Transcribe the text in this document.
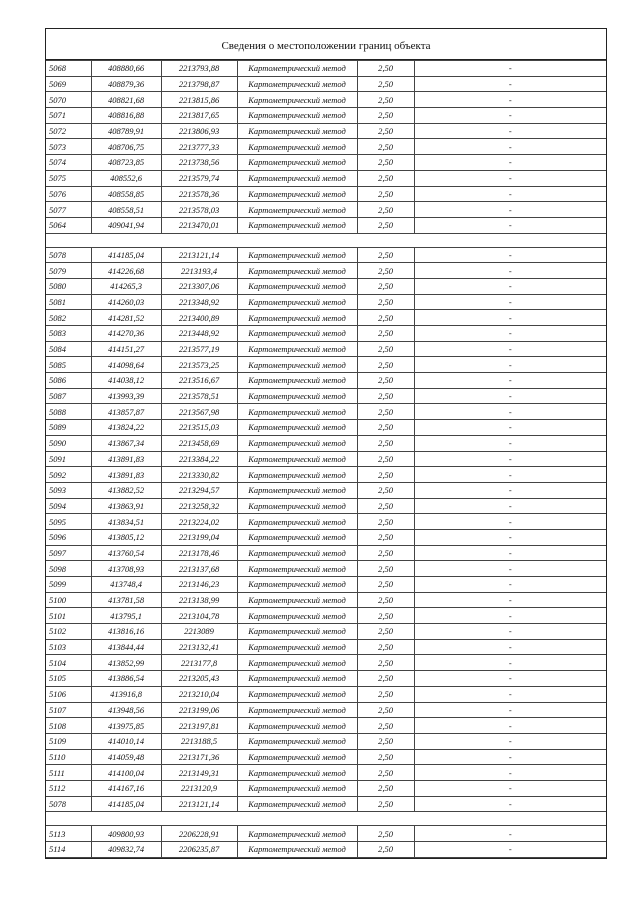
Сведения о местоположении границ объекта
5068	408880,66	2213793,88	Картометрический метод	2,50	-
5069	408879,36	2213798,87	Картометрический метод	2,50	-
5070	408821,68	2213815,86	Картометрический метод	2,50	-
5071	408816,88	2213817,65	Картометрический метод	2,50	-
5072	408789,91	2213806,93	Картометрический метод	2,50	-
5073	408706,75	2213777,33	Картометрический метод	2,50	-
5074	408723,85	2213738,56	Картометрический метод	2,50	-
5075	408552,6	2213579,74	Картометрический метод	2,50	-
5076	408558,85	2213578,36	Картометрический метод	2,50	-
5077	408558,51	2213578,03	Картометрический метод	2,50	-
5064	409041,94	2213470,01	Картометрический метод	2,50	-

5078	414185,04	2213121,14	Картометрический метод	2,50	-
5079	414226,68	2213193,4	Картометрический метод	2,50	-
5080	414265,3	2213307,06	Картометрический метод	2,50	-
5081	414260,03	2213348,92	Картометрический метод	2,50	-
5082	414281,52	2213400,89	Картометрический метод	2,50	-
5083	414270,36	2213448,92	Картометрический метод	2,50	-
5084	414151,27	2213577,19	Картометрический метод	2,50	-
5085	414098,64	2213573,25	Картометрический метод	2,50	-
5086	414038,12	2213516,67	Картометрический метод	2,50	-
5087	413993,39	2213578,51	Картометрический метод	2,50	-
5088	413857,87	2213567,98	Картометрический метод	2,50	-
5089	413824,22	2213515,03	Картометрический метод	2,50	-
5090	413867,34	2213458,69	Картометрический метод	2,50	-
5091	413891,83	2213384,22	Картометрический метод	2,50	-
5092	413891,83	2213330,82	Картометрический метод	2,50	-
5093	413882,52	2213294,57	Картометрический метод	2,50	-
5094	413863,91	2213258,32	Картометрический метод	2,50	-
5095	413834,51	2213224,02	Картометрический метод	2,50	-
5096	413805,12	2213199,04	Картометрический метод	2,50	-
5097	413760,54	2213178,46	Картометрический метод	2,50	-
5098	413708,93	2213137,68	Картометрический метод	2,50	-
5099	413748,4	2213146,23	Картометрический метод	2,50	-
5100	413781,58	2213138,99	Картометрический метод	2,50	-
5101	413795,1	2213104,78	Картометрический метод	2,50	-
5102	413816,16	2213089	Картометрический метод	2,50	-
5103	413844,44	2213132,41	Картометрический метод	2,50	-
5104	413852,99	2213177,8	Картометрический метод	2,50	-
5105	413886,54	2213205,43	Картометрический метод	2,50	-
5106	413916,8	2213210,04	Картометрический метод	2,50	-
5107	413948,56	2213199,06	Картометрический метод	2,50	-
5108	413975,85	2213197,81	Картометрический метод	2,50	-
5109	414010,14	2213188,5	Картометрический метод	2,50	-
5110	414059,48	2213171,36	Картометрический метод	2,50	-
5111	414100,04	2213149,31	Картометрический метод	2,50	-
5112	414167,16	2213120,9	Картометрический метод	2,50	-
5078	414185,04	2213121,14	Картометрический метод	2,50	-

5113	409800,93	2206228,91	Картометрический метод	2,50	-
5114	409832,74	2206235,87	Картометрический метод	2,50	-
